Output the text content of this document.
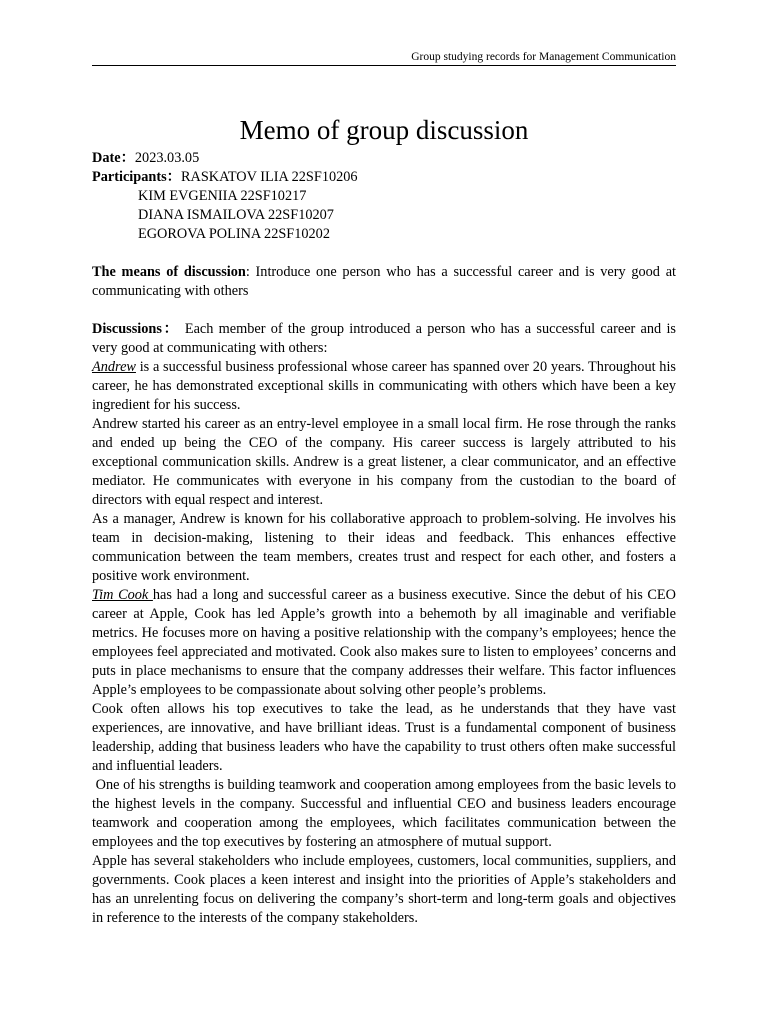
Group studying records for Management Communication
Memo of group discussion
Date：2023.03.05
Participants：RASKATOV ILIA 22SF10206
KIM EVGENIIA 22SF10217
DIANA ISMAILOVA 22SF10207
EGOROVA POLINA 22SF10202

The means of discussion: Introduce one person who has a successful career and is very good at communicating with others

Discussions： Each member of the group introduced a person who has a successful career and is very good at communicating with others:

Andrew is a successful business professional whose career has spanned over 20 years. Throughout his career, he has demonstrated exceptional skills in communicating with others which have been a key ingredient for his success.

Andrew started his career as an entry-level employee in a small local firm. He rose through the ranks and ended up being the CEO of the company. His career success is largely attributed to his exceptional communication skills. Andrew is a great listener, a clear communicator, and an effective mediator. He communicates with everyone in his company from the custodian to the board of directors with equal respect and interest.

As a manager, Andrew is known for his collaborative approach to problem-solving. He involves his team in decision-making, listening to their ideas and feedback. This enhances effective communication between the team members, creates trust and respect for each other, and fosters a positive work environment.

Tim Cook has had a long and successful career as a business executive. Since the debut of his CEO career at Apple, Cook has led Apple’s growth into a behemoth by all imaginable and verifiable metrics. He focuses more on having a positive relationship with the company’s employees; hence the employees feel appreciated and motivated. Cook also makes sure to listen to employees’ concerns and puts in place mechanisms to ensure that the company addresses their welfare. This factor influences Apple’s employees to be compassionate about solving other people’s problems.

Cook often allows his top executives to take the lead, as he understands that they have vast experiences, are innovative, and have brilliant ideas. Trust is a fundamental component of business leadership, adding that business leaders who have the capability to trust others often make successful and influential leaders.

One of his strengths is building teamwork and cooperation among employees from the basic levels to the highest levels in the company. Successful and influential CEO and business leaders encourage teamwork and cooperation among the employees, which facilitates communication between the employees and the top executives by fostering an atmosphere of mutual support.

Apple has several stakeholders who include employees, customers, local communities, suppliers, and governments. Cook places a keen interest and insight into the priorities of Apple’s stakeholders and has an unrelenting focus on delivering the company’s short-term and long-term goals and objectives in reference to the interests of the company stakeholders.
